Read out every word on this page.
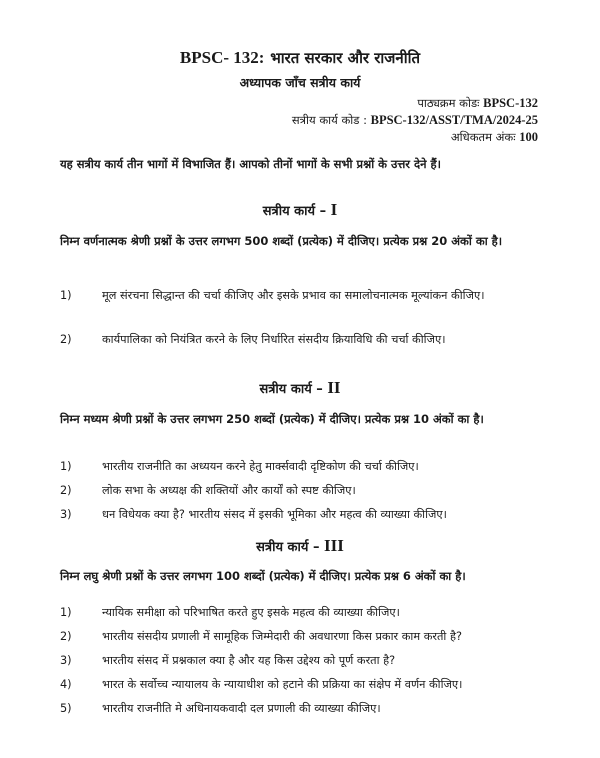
BPSC- 132: भारत सरकार और राजनीति
अध्यापक जाँच सत्रीय कार्य
पाठ्यक्रम कोडः BPSC-132
सत्रीय कार्य कोड : BPSC-132/ASST/TMA/2024-25
अधिकतम अंकः 100
यह सत्रीय कार्य तीन भागों में विभाजित हैं। आपको तीनों भागों के सभी प्रश्नों के उत्तर देने हैं।
सत्रीय कार्य – I
निम्न वर्णनात्मक श्रेणी प्रश्नों के उत्तर लगभग 500 शब्दों (प्रत्येक) में दीजिए। प्रत्येक प्रश्न 20 अंकों का है।
1)	मूल संरचना सिद्धान्त की चर्चा कीजिए और इसके प्रभाव का समालोचनात्मक मूल्यांकन कीजिए।
2)	कार्यपालिका को नियंत्रित करने के लिए निर्धारित संसदीय क्रियाविधि की चर्चा कीजिए।
सत्रीय कार्य – II
निम्न मध्यम श्रेणी प्रश्नों के उत्तर लगभग 250 शब्दों (प्रत्येक) में दीजिए। प्रत्येक प्रश्न 10 अंकों का है।
1)	भारतीय राजनीति का अध्ययन करने हेतु मार्क्सवादी दृष्टिकोण की चर्चा कीजिए।
2)	लोक सभा के अध्यक्ष की शक्तियों और कार्यों को स्पष्ट कीजिए।
3)	धन विधेयक क्या है? भारतीय संसद में इसकी भूमिका और महत्व की व्याख्या कीजिए।
सत्रीय कार्य – III
निम्न लघु श्रेणी प्रश्नों के उत्तर लगभग 100 शब्दों (प्रत्येक) में दीजिए। प्रत्येक प्रश्न 6 अंकों का है।
1)	न्यायिक समीक्षा को परिभाषित करते हुए इसके महत्व की व्याख्या कीजिए।
2)	भारतीय संसदीय प्रणाली में सामूहिक जिम्मेदारी की अवधारणा किस प्रकार काम करती है?
3)	भारतीय संसद में प्रश्नकाल क्या है और यह किस उद्देश्य को पूर्ण करता है?
4)	भारत के सर्वोच्च न्यायालय के न्यायाधीश को हटाने की प्रक्रिया का संक्षेप में वर्णन कीजिए।
5)	भारतीय राजनीति मे अधिनायकवादी दल प्रणाली की व्याख्या कीजिए।
